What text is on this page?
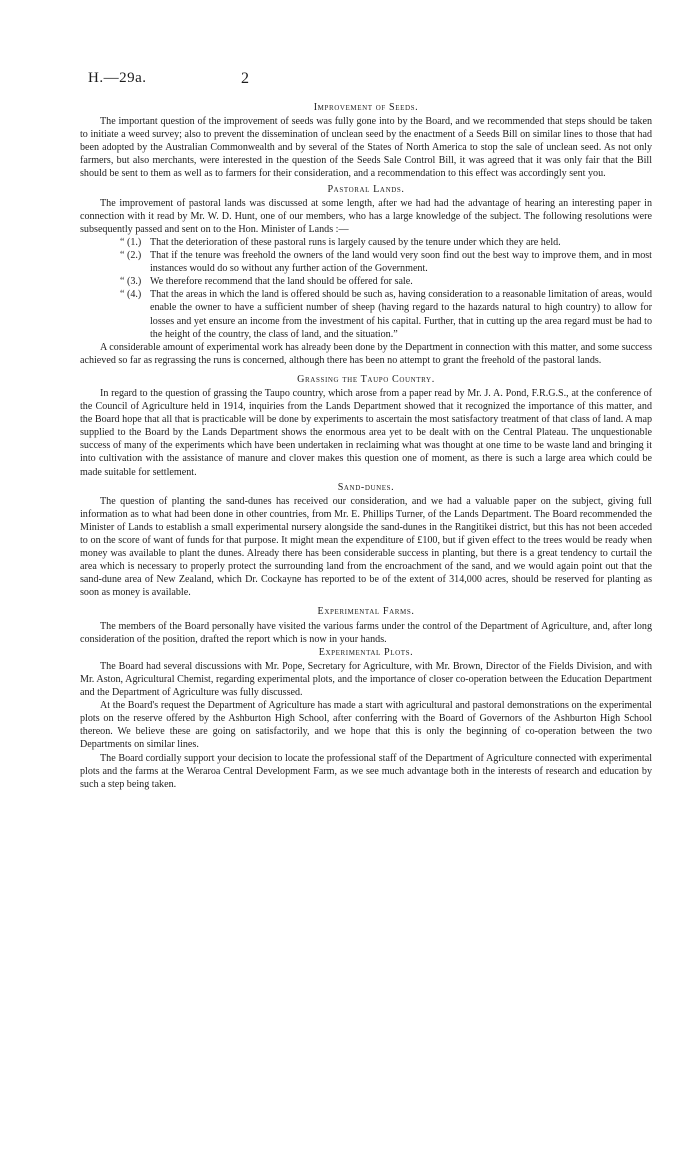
H.—29a.	2
Improvement of Seeds.

The important question of the improvement of seeds was fully gone into by the Board, and we recommended that steps should be taken to initiate a weed survey; also to prevent the dissemination of unclean seed by the enactment of a Seeds Bill on similar lines to those that had been adopted by the Australian Commonwealth and by several of the States of North America to stop the sale of unclean seed. As not only farmers, but also merchants, were interested in the question of the Seeds Sale Control Bill, it was agreed that it was only fair that the Bill should be sent to them as well as to farmers for their consideration, and a recommendation to this effect was accordingly sent you.

Pastoral Lands.

The improvement of pastoral lands was discussed at some length, after we had had the advantage of hearing an interesting paper in connection with it read by Mr. W. D. Hunt, one of our members, who has a large knowledge of the subject. The following resolutions were subsequently passed and sent on to the Hon. Minister of Lands :—

“ (1.) That the deterioration of these pastoral runs is largely caused by the tenure under which they are held.
“ (2.) That if the tenure was freehold the owners of the land would very soon find out the best way to improve them, and in most instances would do so without any further action of the Government.
“ (3.) We therefore recommend that the land should be offered for sale.
“ (4.) That the areas in which the land is offered should be such as, having consideration to a reasonable limitation of areas, would enable the owner to have a sufficient number of sheep (having regard to the hazards natural to high country) to allow for losses and yet ensure an income from the investment of his capital. Further, that in cutting up the area regard must be had to the height of the country, the class of land, and the situation.”

A considerable amount of experimental work has already been done by the Department in connection with this matter, and some success achieved so far as regrassing the runs is concerned, although there has been no attempt to grant the freehold of the pastoral lands.

Grassing the Taupo Country.

In regard to the question of grassing the Taupo country, which arose from a paper read by Mr. J. A. Pond, F.R.G.S., at the conference of the Council of Agriculture held in 1914, inquiries from the Lands Department showed that it recognized the importance of this matter, and the Board hope that all that is practicable will be done by experiments to ascertain the most satisfactory treatment of that class of land. A map supplied to the Board by the Lands Department shows the enormous area yet to be dealt with on the Central Plateau. The unquestionable success of many of the experiments which have been undertaken in reclaiming what was thought at one time to be waste land and bringing it into cultivation with the assistance of manure and clover makes this question one of moment, as there is such a large area which could be made suitable for settlement.

Sand-dunes.

The question of planting the sand-dunes has received our consideration, and we had a valuable paper on the subject, giving full information as to what had been done in other countries, from Mr. E. Phillips Turner, of the Lands Department. The Board recommended the Minister of Lands to establish a small experimental nursery alongside the sand-dunes in the Rangitikei district, but this has not been acceded to on the score of want of funds for that purpose. It might mean the expenditure of £100, but if given effect to the trees would be ready when money was available to plant the dunes. Already there has been considerable success in planting, but there is a great tendency to curtail the area which is necessary to properly protect the surrounding land from the encroachment of the sand, and we would again point out that the sand-dune area of New Zealand, which Dr. Cockayne has reported to be of the extent of 314,000 acres, should be reserved for planting as soon as money is available.

Experimental Farms.

The members of the Board personally have visited the various farms under the control of the Department of Agriculture, and, after long consideration of the position, drafted the report which is now in your hands.

Experimental Plots.

The Board had several discussions with Mr. Pope, Secretary for Agriculture, with Mr. Brown, Director of the Fields Division, and with Mr. Aston, Agricultural Chemist, regarding experimental plots, and the importance of closer co-operation between the Education Department and the Department of Agriculture was fully discussed.

At the Board's request the Department of Agriculture has made a start with agricultural and pastoral demonstrations on the experimental plots on the reserve offered by the Ashburton High School, after conferring with the Board of Governors of the Ashburton High School thereon. We believe these are going on satisfactorily, and we hope that this is only the beginning of co-operation between the two Departments on similar lines.

The Board cordially support your decision to locate the professional staff of the Department of Agriculture connected with experimental plots and the farms at the Weraroa Central Development Farm, as we see much advantage both in the interests of research and education by such a step being taken.
